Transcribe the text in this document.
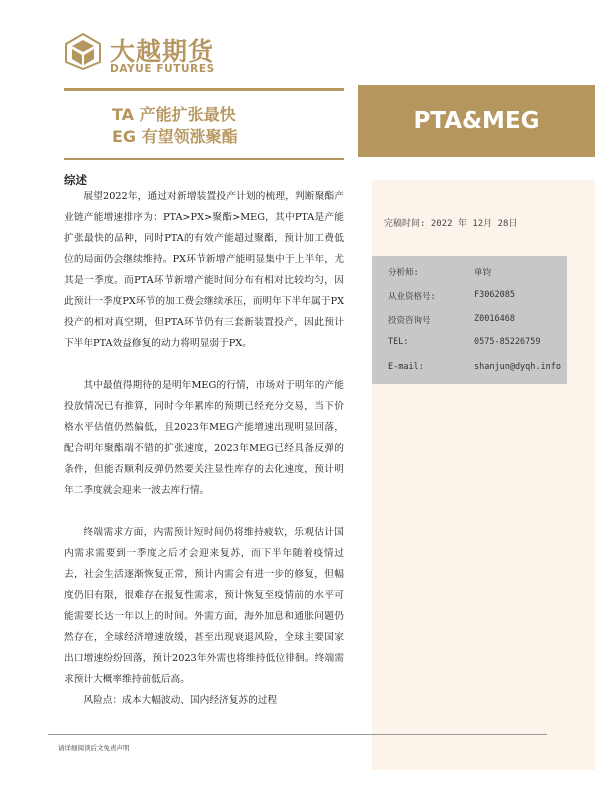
大越期货
DAYUE FUTURES
TA 产能扩张最快
EG 有望领涨聚酯
PTA&MEG
完稿时间: 2022 年 12月 28日
分析师:	单钧
从业资格号:	F3062085
投资咨询号	Z0016468
TEL:	0575-85226759
E-mail:	shanjun@dyqh.info
综述

展望2022年，通过对新增装置投产计划的梳理，判断聚酯产业链产能增速排序为：PTA>PX>聚酯>MEG，其中PTA是产能扩张最快的品种，同时PTA的有效产能超过聚酯，预计加工费低位的局面仍会继续维持。PX环节新增产能明显集中于上半年，尤其是一季度。而PTA环节新增产能时间分布有相对比较均匀，因此预计一季度PX环节的加工费会继续承压，而明年下半年属于PX投产的相对真空期，但PTA环节仍有三套新装置投产，因此预计下半年PTA效益修复的动力将明显弱于PX。

其中最值得期待的是明年MEG的行情，市场对于明年的产能投放情况已有推算，同时今年累库的预期已经充分交易，当下价格水平估值仍然偏低，且2023年MEG产能增速出现明显回落，配合明年聚酯端不错的扩张速度，2023年MEG已经具备反弹的条件，但能否顺利反弹仍然要关注显性库存的去化速度，预计明年二季度就会迎来一波去库行情。

终端需求方面，内需预计短时间仍将维持疲软，乐观估计国内需求需要到一季度之后才会迎来复苏，而下半年随着疫情过去，社会生活逐渐恢复正常，预计内需会有进一步的修复，但幅度仍旧有限，很难存在报复性需求，预计恢复至疫情前的水平可能需要长达一年以上的时间。外需方面，海外加息和通胀问题仍然存在，全球经济增速放缓，甚至出现衰退风险，全球主要国家出口增速纷纷回落，预计2023年外需也将维持低位徘徊。终端需求预计大概率维持前低后高。

风险点：成本大幅波动、国内经济复苏的过程

请详细阅读后文免责声明
